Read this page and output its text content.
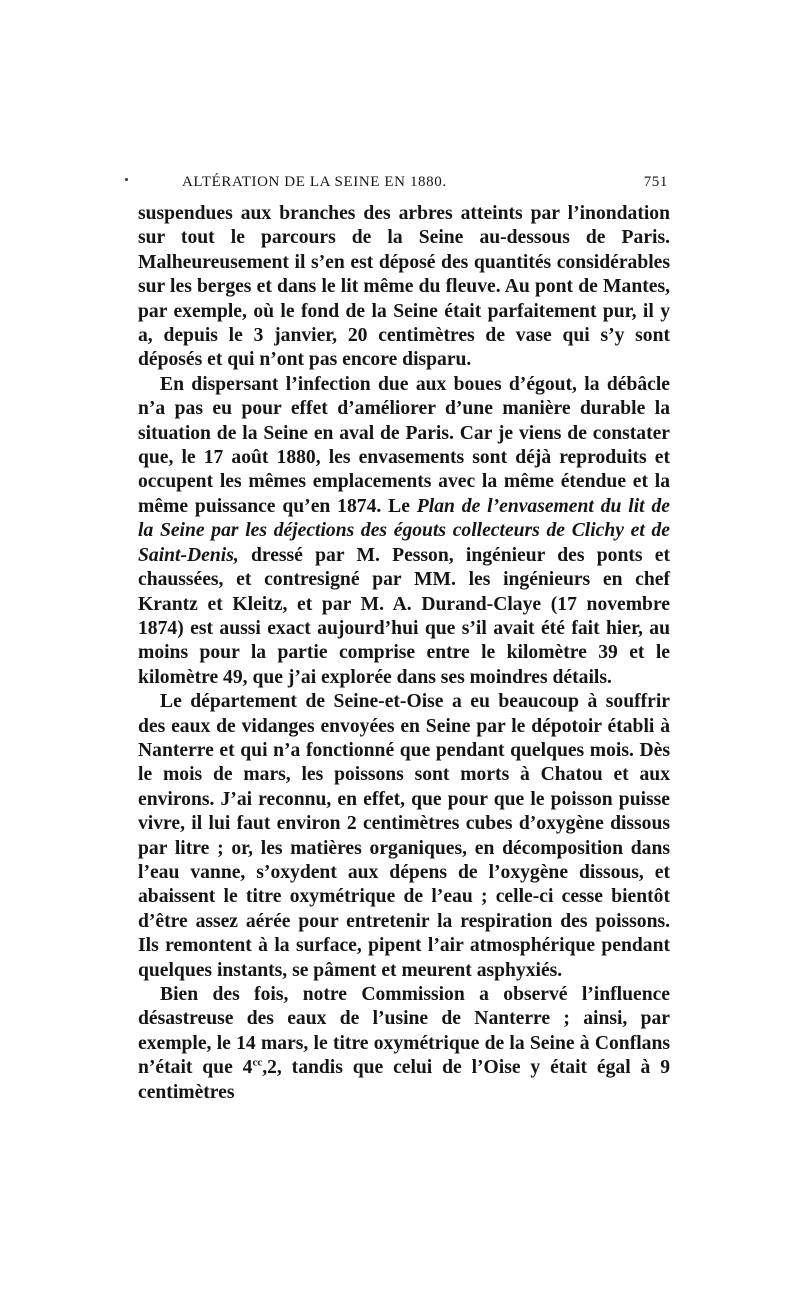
ALTÉRATION DE LA SEINE EN 1880.	751

suspendues aux branches des arbres atteints par l’inondation sur tout le parcours de la Seine au-dessous de Paris. Malheureusement il s’en est déposé des quantités considérables sur les berges et dans le lit même du fleuve. Au pont de Mantes, par exemple, où le fond de la Seine était parfaitement pur, il y a, depuis le 3 janvier, 20 centimètres de vase qui s’y sont déposés et qui n’ont pas encore disparu.

En dispersant l’infection due aux boues d’égout, la débâcle n’a pas eu pour effet d’améliorer d’une manière durable la situation de la Seine en aval de Paris. Car je viens de constater que, le 17 août 1880, les envasements sont déjà reproduits et occupent les mêmes emplacements avec la même étendue et la même puissance qu’en 1874. Le Plan de l’envasement du lit de la Seine par les déjections des égouts collecteurs de Clichy et de Saint-Denis, dressé par M. Pesson, ingénieur des ponts et chaussées, et contresigné par MM. les ingénieurs en chef Krantz et Kleitz, et par M. A. Durand-Claye (17 novembre 1874) est aussi exact aujourd’hui que s’il avait été fait hier, au moins pour la partie comprise entre le kilomètre 39 et le kilomètre 49, que j’ai explorée dans ses moindres détails.

Le département de Seine-et-Oise a eu beaucoup à souffrir des eaux de vidanges envoyées en Seine par le dépotoir établi à Nanterre et qui n’a fonctionné que pendant quelques mois. Dès le mois de mars, les poissons sont morts à Chatou et aux environs. J’ai reconnu, en effet, que pour que le poisson puisse vivre, il lui faut environ 2 centimètres cubes d’oxygène dissous par litre ; or, les matières organiques, en décomposition dans l’eau vanne, s’oxydent aux dépens de l’oxygène dissous, et abaissent le titre oxymétrique de l’eau ; celle-ci cesse bientôt d’être assez aérée pour entretenir la respiration des poissons. Ils remontent à la surface, pipent l’air atmosphérique pendant quelques instants, se pâment et meurent asphyxiés.

Bien des fois, notre Commission a observé l’influence désastreuse des eaux de l’usine de Nanterre ; ainsi, par exemple, le 14 mars, le titre oxymétrique de la Seine à Conflans n’était que $4^{cc},2$, tandis que celui de l’Oise y était égal à 9 centimètres
